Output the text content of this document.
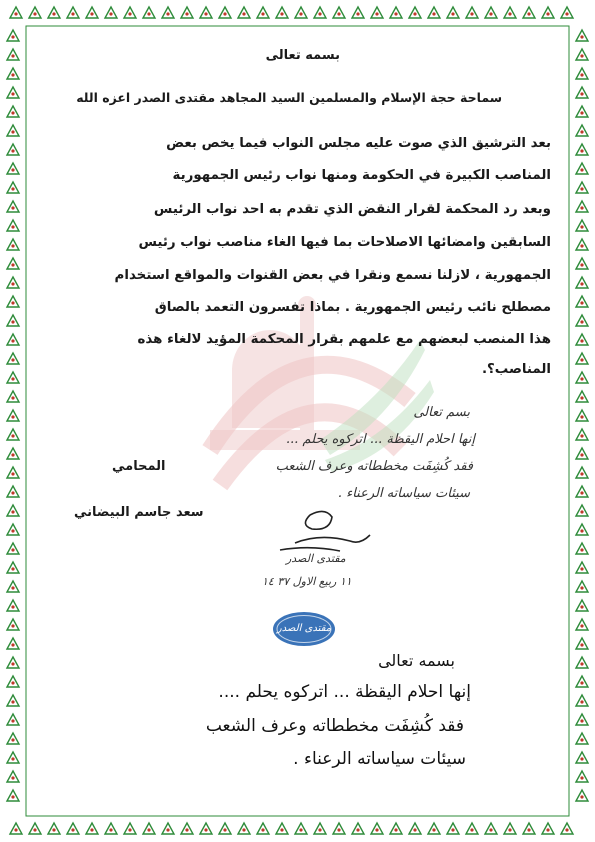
بسمه تعالى
سماحة حجة الإسلام والمسلمين السيد المجاهد مقتدى الصدر اعزه الله
بعد الترشيق الذي صوت عليه مجلس النواب فيما يخص بعض
المناصب الكبيرة في الحكومة ومنها نواب رئيس الجمهورية
وبعد رد المحكمة لقرار النقض الذي تقدم به احد نواب الرئيس
السابقين وامضائها الاصلاحات بما فيها الغاء مناصب نواب رئيس
الجمهورية ، لازلنا نسمع ونقرا في بعض القنوات والمواقع استخدام
مصطلح نائب رئيس الجمهورية . بماذا تفسرون التعمد بالصاق
هذا المنصب لبعضهم مع علمهم بقرار المحكمة المؤيد لالغاء هذه
المناصب؟.
بسم تعالى
إنها احلام اليقظة ... اتركوه يحلم ...
فقد كُشِفَت مخططاته وعرف الشعب
سيئات سياساته الرعناء .
المحامي
سعد جاسم البيضاني
مقتدى الصدر
١١ ربيع الاول ٣٧ ١٤
مقتدى الصدر
بسمه تعالى
إنها احلام اليقظة ... اتركوه يحلم ....
فقد كُشِفَت مخططاته وعرف الشعب
سيئات سياساته الرعناء .
